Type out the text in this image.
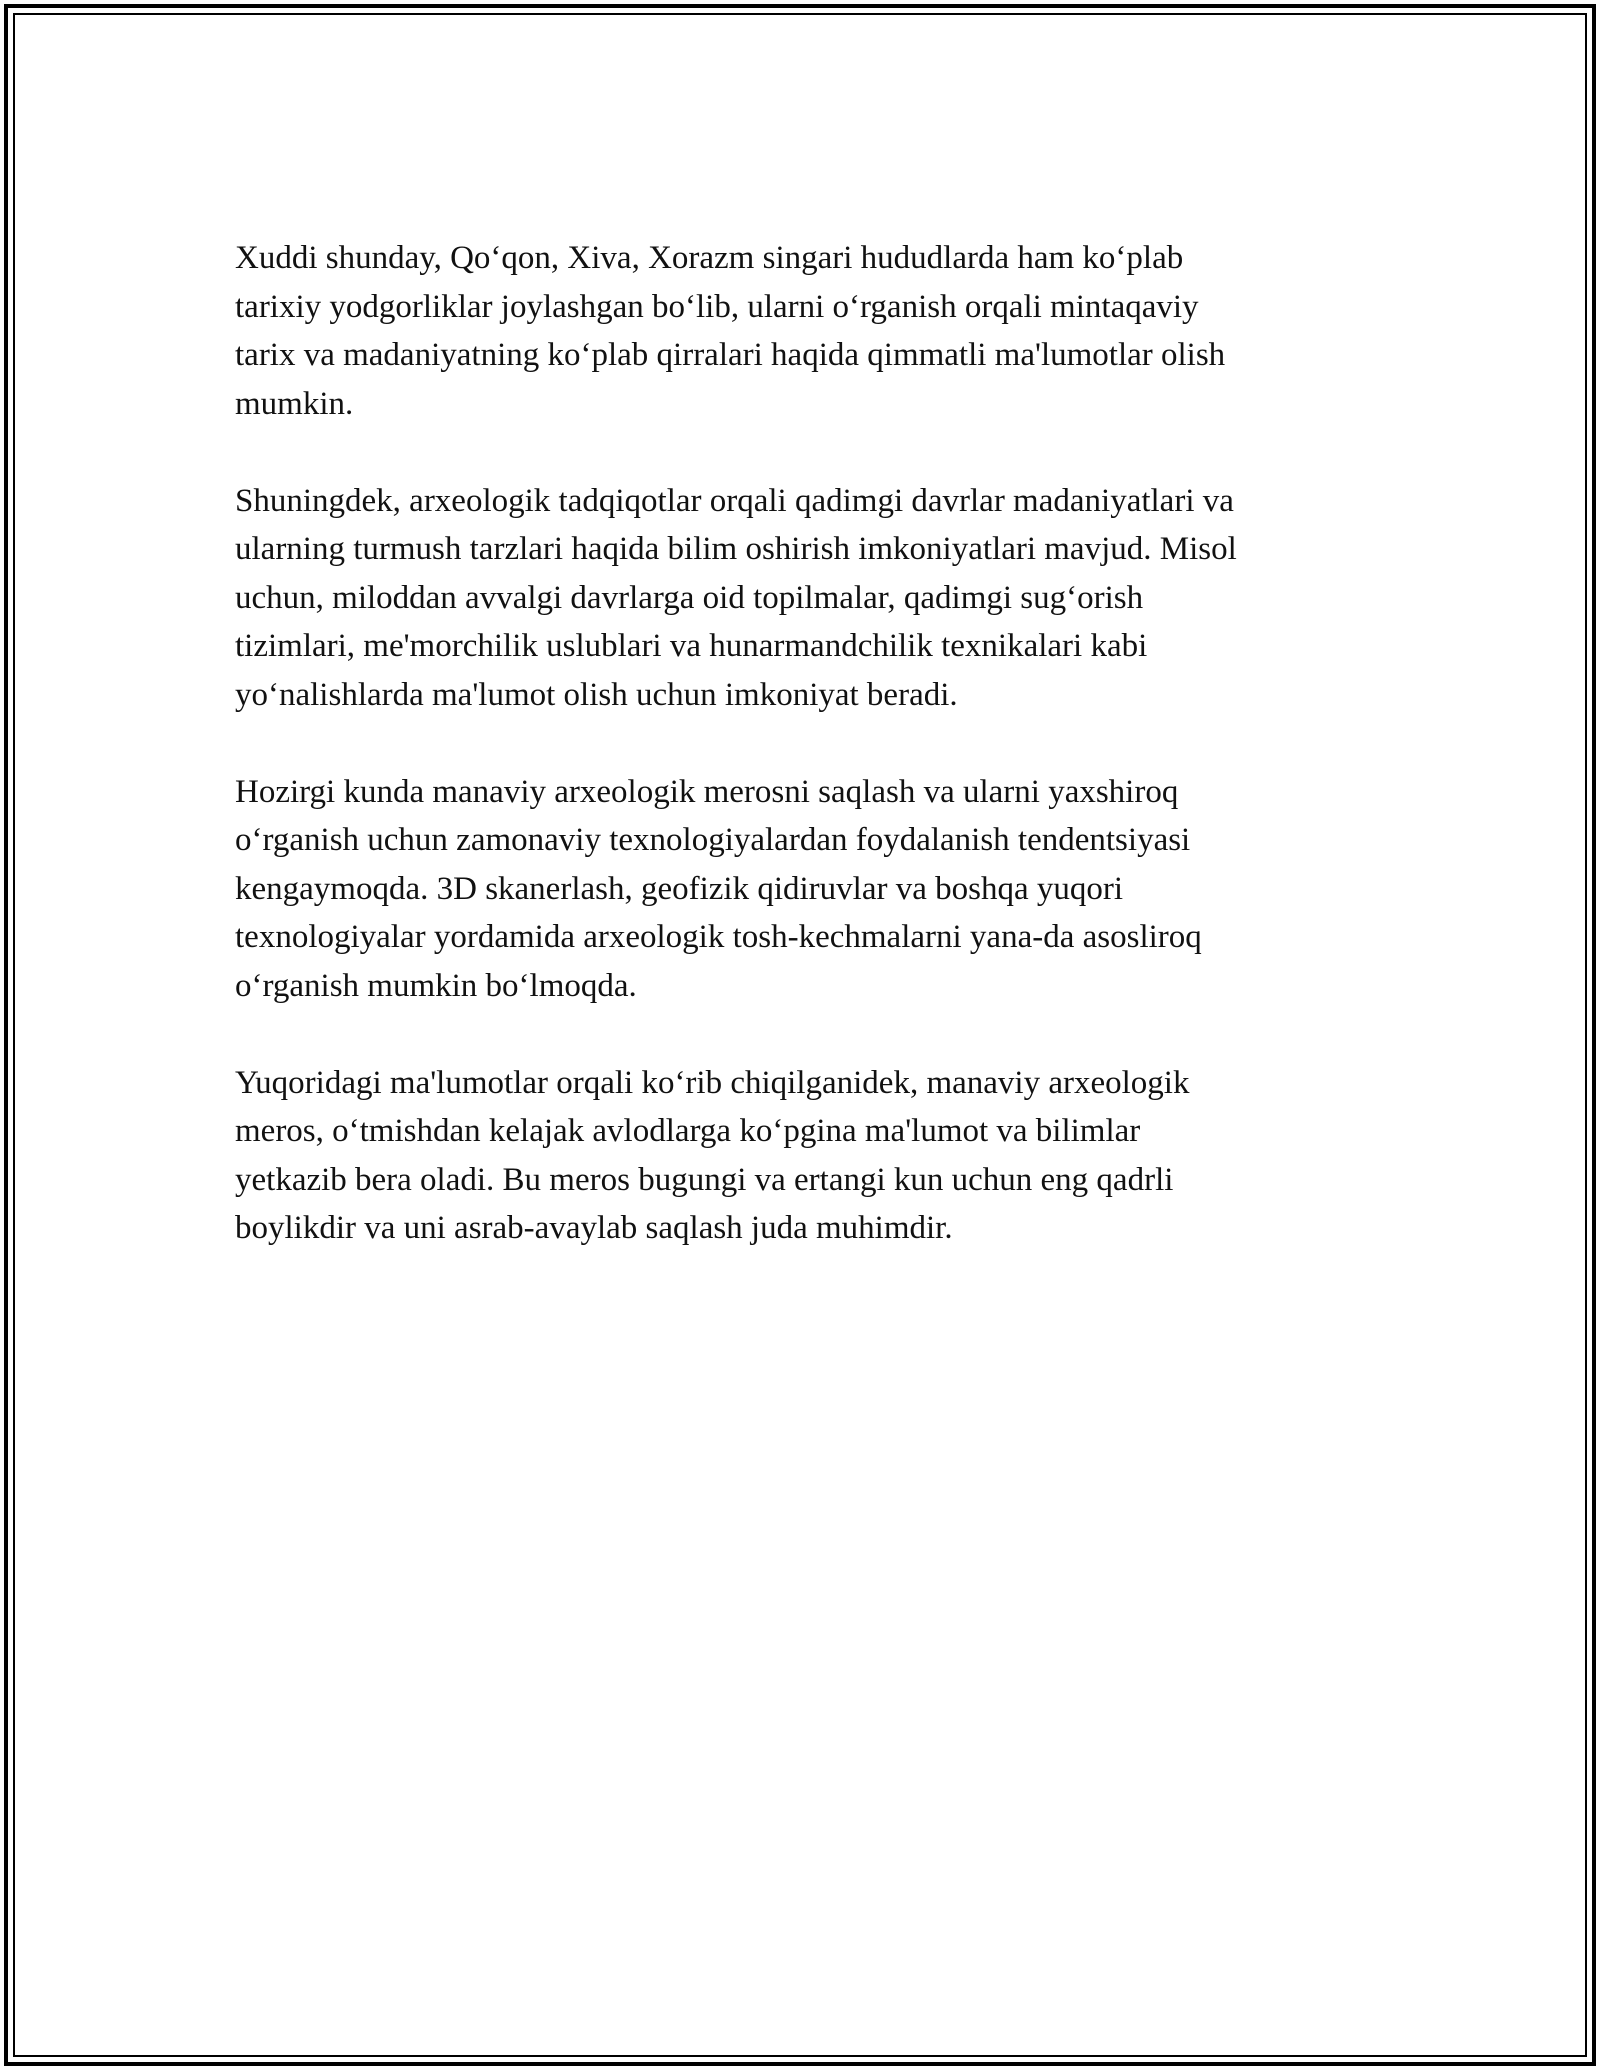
Xuddi shunday, Qo‘qon, Xiva, Xorazm singari hududlarda ham ko‘plab
tarixiy yodgorliklar joylashgan bo‘lib, ularni o‘rganish orqali mintaqaviy
tarix va madaniyatning ko‘plab qirralari haqida qimmatli ma'lumotlar olish
mumkin.

Shuningdek, arxeologik tadqiqotlar orqali qadimgi davrlar madaniyatlari va
ularning turmush tarzlari haqida bilim oshirish imkoniyatlari mavjud. Misol
uchun, miloddan avvalgi davrlarga oid topilmalar, qadimgi sug‘orish
tizimlari, me'morchilik uslublari va hunarmandchilik texnikalari kabi
yo‘nalishlarda ma'lumot olish uchun imkoniyat beradi.

Hozirgi kunda manaviy arxeologik merosni saqlash va ularni yaxshiroq
o‘rganish uchun zamonaviy texnologiyalardan foydalanish tendentsiyasi
kengaymoqda. 3D skanerlash, geofizik qidiruvlar va boshqa yuqori
texnologiyalar yordamida arxeologik tosh-kechmalarni yana-da asosliroq
o‘rganish mumkin bo‘lmoqda.

Yuqoridagi ma'lumotlar orqali ko‘rib chiqilganidek, manaviy arxeologik
meros, o‘tmishdan kelajak avlodlarga ko‘pgina ma'lumot va bilimlar
yetkazib bera oladi. Bu meros bugungi va ertangi kun uchun eng qadrli
boylikdir va uni asrab-avaylab saqlash juda muhimdir.
